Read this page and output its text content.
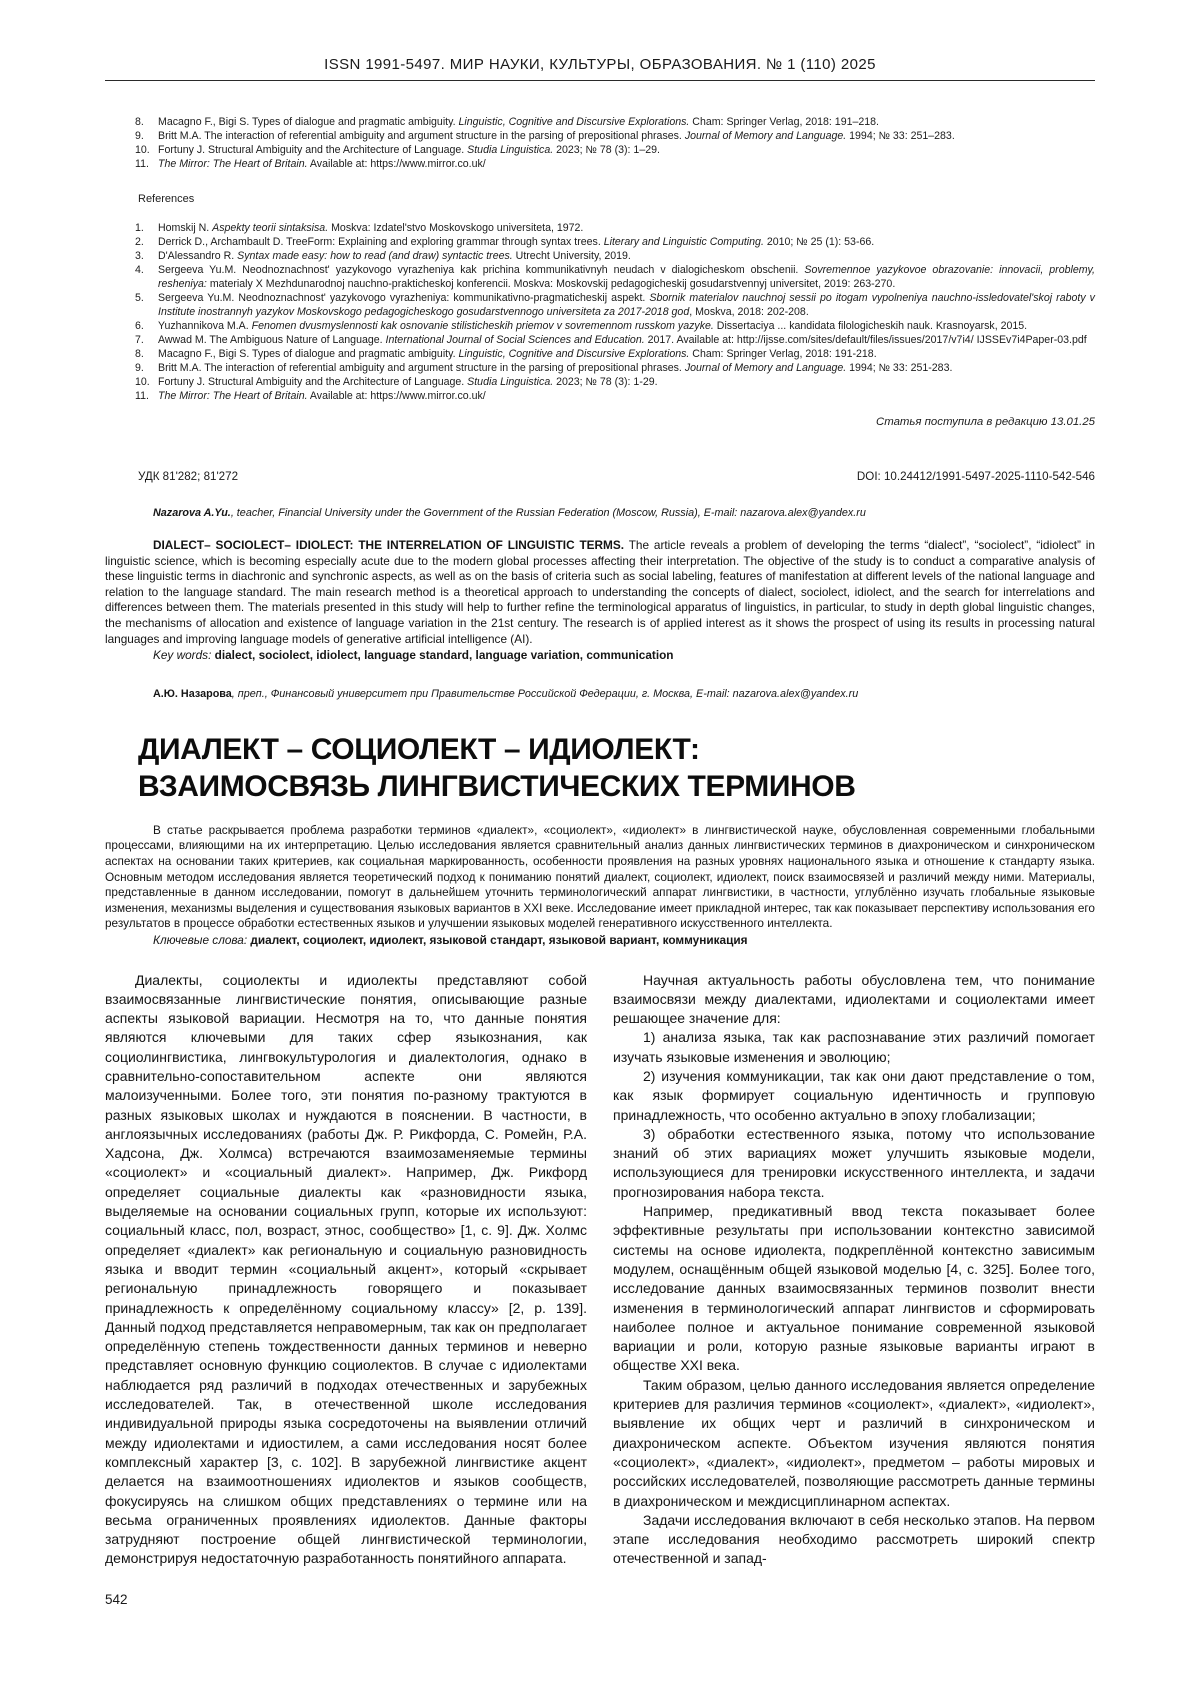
ISSN 1991-5497. МИР НАУКИ, КУЛЬТУРЫ, ОБРАЗОВАНИЯ. № 1 (110) 2025
8.	Macagno F., Bigi S. Types of dialogue and pragmatic ambiguity. Linguistic, Cognitive and Discursive Explorations. Cham: Springer Verlag, 2018: 191–218.
9.	Britt M.A. The interaction of referential ambiguity and argument structure in the parsing of prepositional phrases. Journal of Memory and Language. 1994; № 33: 251–283.
10. Fortuny J. Structural Ambiguity and the Architecture of Language. Studia Linguistica. 2023; № 78 (3): 1–29.
11. The Mirror: The Heart of Britain. Available at: https://www.mirror.co.uk/
References
1.	Homskij N. Aspekty teorii sintaksisa. Moskva: Izdatel'stvo Moskovskogo universiteta, 1972.
2.	Derrick D., Archambault D. TreeForm: Explaining and exploring grammar through syntax trees. Literary and Linguistic Computing. 2010; № 25 (1): 53-66.
3.	D'Alessandro R. Syntax made easy: how to read (and draw) syntactic trees. Utrecht University, 2019.
4.	Sergeeva Yu.M. Neodnoznachnost' yazykovogo vyrazheniya kak prichina kommunikativnyh neudach v dialogicheskom obschenii. Sovremennoe yazykovoe obrazovanie: innovacii, problemy, resheniya: materialy X Mezhdunarodnoj nauchno-prakticheskoj konferencii. Moskva: Moskovskij pedagogicheskij gosudarstvennyj universitet, 2019: 263-270.
5.	Sergeeva Yu.M. Neodnoznachnost' yazykovogo vyrazheniya: kommunikativno-pragmaticheskij aspekt. Sbornik materialov nauchnoj sessii po itogam vypolneniya nauchno-issledovatel'skoj raboty v Institute inostrannyh yazykov Moskovskogo pedagogicheskogo gosudarstvennogo universiteta za 2017-2018 god, Moskva, 2018: 202-208.
6.	Yuzhannikova M.A. Fenomen dvusmyslennosti kak osnovanie stilisticheskih priemov v sovremennom russkom yazyke. Dissertaciya ... kandidata filologicheskih nauk. Krasnoyarsk, 2015.
7.	Awwad M. The Ambiguous Nature of Language. International Journal of Social Sciences and Education. 2017. Available at: http://ijsse.com/sites/default/files/issues/2017/v7i4/ IJSSEv7i4Paper-03.pdf
8.	Macagno F., Bigi S. Types of dialogue and pragmatic ambiguity. Linguistic, Cognitive and Discursive Explorations. Cham: Springer Verlag, 2018: 191-218.
9.	Britt M.A. The interaction of referential ambiguity and argument structure in the parsing of prepositional phrases. Journal of Memory and Language. 1994; № 33: 251-283.
10. Fortuny J. Structural Ambiguity and the Architecture of Language. Studia Linguistica. 2023; № 78 (3): 1-29.
11. The Mirror: The Heart of Britain. Available at: https://www.mirror.co.uk/
Статья поступила в редакцию 13.01.25
УДК 81'282; 81'272	DOI: 10.24412/1991-5497-2025-1110-542-546

Nazarova A.Yu., teacher, Financial University under the Government of the Russian Federation (Moscow, Russia), E-mail: nazarova.alex@yandex.ru

DIALECT– SOCIOLECT– IDIOLECT: THE INTERRELATION OF LINGUISTIC TERMS. The article reveals a problem of developing the terms “dialect”, “sociolect”, “idiolect” in linguistic science, which is becoming especially acute due to the modern global processes affecting their interpretation. The objective of the study is to conduct a comparative analysis of these linguistic terms in diachronic and synchronic aspects, as well as on the basis of criteria such as social labeling, features of manifestation at different levels of the national language and relation to the language standard. The main research method is a theoretical approach to understanding the concepts of dialect, sociolect, idiolect, and the search for interrelations and differences between them. The materials presented in this study will help to further refine the terminological apparatus of linguistics, in particular, to study in depth global linguistic changes, the mechanisms of allocation and existence of language variation in the 21st century. The research is of applied interest as it shows the prospect of using its results in processing natural languages and improving language models of generative artificial intelligence (AI).

Key words: dialect, sociolect, idiolect, language standard, language variation, communication

А.Ю. Назарова, преп., Финансовый университет при Правительстве Российской Федерации, г. Москва, E-mail: nazarova.alex@yandex.ru

ДИАЛЕКТ – СОЦИОЛЕКТ – ИДИОЛЕКТ:
ВЗАИМОСВЯЗЬ ЛИНГВИСТИЧЕСКИХ ТЕРМИНОВ

В статье раскрывается проблема разработки терминов «диалект», «социолект», «идиолект» в лингвистической науке, обусловленная современными глобальными процессами, влияющими на их интерпретацию. Целью исследования является сравнительный анализ данных лингвистических терминов в диахроническом и синхроническом аспектах на основании таких критериев, как социальная маркированность, особенности проявления на разных уровнях национального языка и отношение к стандарту языка. Основным методом исследования является теоретический подход к пониманию понятий диалект, социолект, идиолект, поиск взаимосвязей и различий между ними. Материалы, представленные в данном исследовании, помогут в дальнейшем уточнить терминологический аппарат лингвистики, в частности, углублённо изучать глобальные языковые изменения, механизмы выделения и существования языковых вариантов в XXI веке. Исследование имеет прикладной интерес, так как показывает перспективу использования его результатов в процессе обработки естественных языков и улучшении языковых моделей генеративного искусственного интеллекта.

Ключевые слова: диалект, социолект, идиолект, языковой стандарт, языковой вариант, коммуникация

Диалекты, социолекты и идиолекты представляют собой взаимосвязанные лингвистические понятия, описывающие разные аспекты языковой вариации. Несмотря на то, что данные понятия являются ключевыми для таких сфер языкознания, как социолингвистика, лингвокультурология и диалектология, однако в сравнительно-сопоставительном аспекте они являются малоизученными. Более того, эти понятия по-разному трактуются в разных языковых школах и нуждаются в пояснении. В частности, в англоязычных исследованиях (работы Дж. Р. Рикфорда, С. Ромейн, Р.А. Хадсона, Дж. Холмса) встречаются взаимозаменяемые термины «социолект» и «социальный диалект». Например, Дж. Рикфорд определяет социальные диалекты как «разновидности языка, выделяемые на основании социальных групп, которые их используют: социальный класс, пол, возраст, этнос, сообщество» [1, с. 9]. Дж. Холмс определяет «диалект» как региональную и социальную разновидность языка и вводит термин «социальный акцент», который «скрывает региональную принадлежность говорящего и показывает принадлежность к определённому социальному классу» [2, p. 139]. Данный подход представляется неправомерным, так как он предполагает определённую степень тождественности данных терминов и неверно представляет основную функцию социолектов. В случае с идиолектами наблюдается ряд различий в подходах отечественных и зарубежных исследователей. Так, в отечественной школе исследования индивидуальной природы языка сосредоточены на выявлении отличий между идиолектами и идиостилем, а сами исследования носят более комплексный характер [3, с. 102]. В зарубежной лингвистике акцент делается на взаимоотношениях идиолектов и языков сообществ, фокусируясь на слишком общих представлениях о термине или на весьма ограниченных проявлениях идиолектов. Данные факторы затрудняют построение общей лингвистической терминологии, демонстрируя недостаточную разработанность понятийного аппарата.

Научная актуальность работы обусловлена тем, что понимание взаимосвязи между диалектами, идиолектами и социолектами имеет решающее значение для:

1) анализа языка, так как распознавание этих различий помогает изучать языковые изменения и эволюцию;

2) изучения коммуникации, так как они дают представление о том, как язык формирует социальную идентичность и групповую принадлежность, что особенно актуально в эпоху глобализации;

3) обработки естественного языка, потому что использование знаний об этих вариациях может улучшить языковые модели, использующиеся для тренировки искусственного интеллекта, и задачи прогнозирования набора текста.

Например, предикативный ввод текста показывает более эффективные результаты при использовании контекстно зависимой системы на основе идиолекта, подкреплённой контекстно зависимым модулем, оснащённым общей языковой моделью [4, с. 325]. Более того, исследование данных взаимосвязанных терминов позволит внести изменения в терминологический аппарат лингвистов и сформировать наиболее полное и актуальное понимание современной языковой вариации и роли, которую разные языковые варианты играют в обществе XXI века.

Таким образом, целью данного исследования является определение критериев для различия терминов «социолект», «диалект», «идиолект», выявление их общих черт и различий в синхроническом и диахроническом аспекте. Объектом изучения являются понятия «социолект», «диалект», «идиолект», предметом – работы мировых и российских исследователей, позволяющие рассмотреть данные термины в диахроническом и междисциплинарном аспектах.

Задачи исследования включают в себя несколько этапов. На первом этапе исследования необходимо рассмотреть широкий спектр отечественной и запад-

542
